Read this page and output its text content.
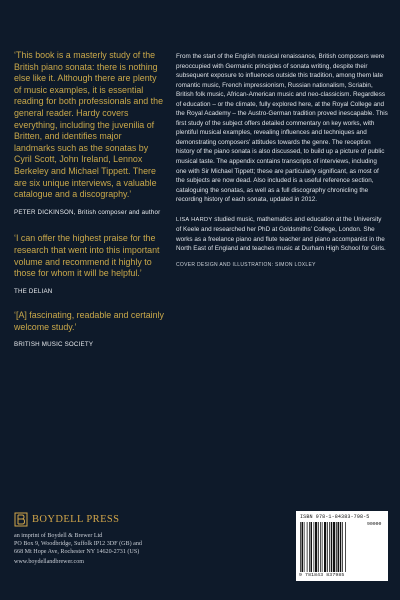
‘This book is a masterly study of the British piano sonata: there is nothing else like it. Although there are plenty of music examples, it is essential reading for both professionals and the general reader. Hardy covers everything, including the juvenilia of Britten, and identifies major landmarks such as the sonatas by Cyril Scott, John Ireland, Lennox Berkeley and Michael Tippett. There are six unique interviews, a valuable catalogue and a discography.’

PETER DICKINSON, British composer and author

‘I can offer the highest praise for the research that went into this important volume and recommend it highly to those for whom it will be helpful.’

THE DELIAN

‘[A] fascinating, readable and certainly welcome study.’

BRITISH MUSIC SOCIETY

From the start of the English musical renaissance, British composers were preoccupied with Germanic principles of sonata writing, despite their subsequent exposure to influences outside this tradition, among them late romantic music, French impressionism, Russian nationalism, Scriabin, British folk music, African-American music and neo-classicism. Regardless of education – or the climate, fully explored here, at the Royal College and the Royal Academy – the Austro-German tradition proved inescapable. This first study of the subject offers detailed commentary on key works, with plentiful musical examples, revealing influences and techniques and demonstrating composers’ attitudes towards the genre. The reception history of the piano sonata is also discussed, to build up a picture of public musical taste. The appendix contains transcripts of interviews, including one with Sir Michael Tippett; these are particularly significant, as most of the subjects are now dead. Also included is a useful reference section, cataloguing the sonatas, as well as a full discography chronicling the recording history of each sonata, updated in 2012.

LISA HARDY studied music, mathematics and education at the University of Keele and researched her PhD at Goldsmiths’ College, London. She works as a freelance piano and flute teacher and piano accompanist in the North East of England and teaches music at Durham High School for Girls.

COVER DESIGN AND ILLUSTRATION: SIMON LOXLEY
BOYDELL PRESS
an imprint of Boydell & Brewer Ltd
PO Box 9, Woodbridge, Suffolk IP12 3DF (GB) and
668 Mt Hope Ave, Rochester NY 14620-2731 (US)
www.boydellandbrewer.com
ISBN 978-1-84383-798-5
90000
9 781843 837985
